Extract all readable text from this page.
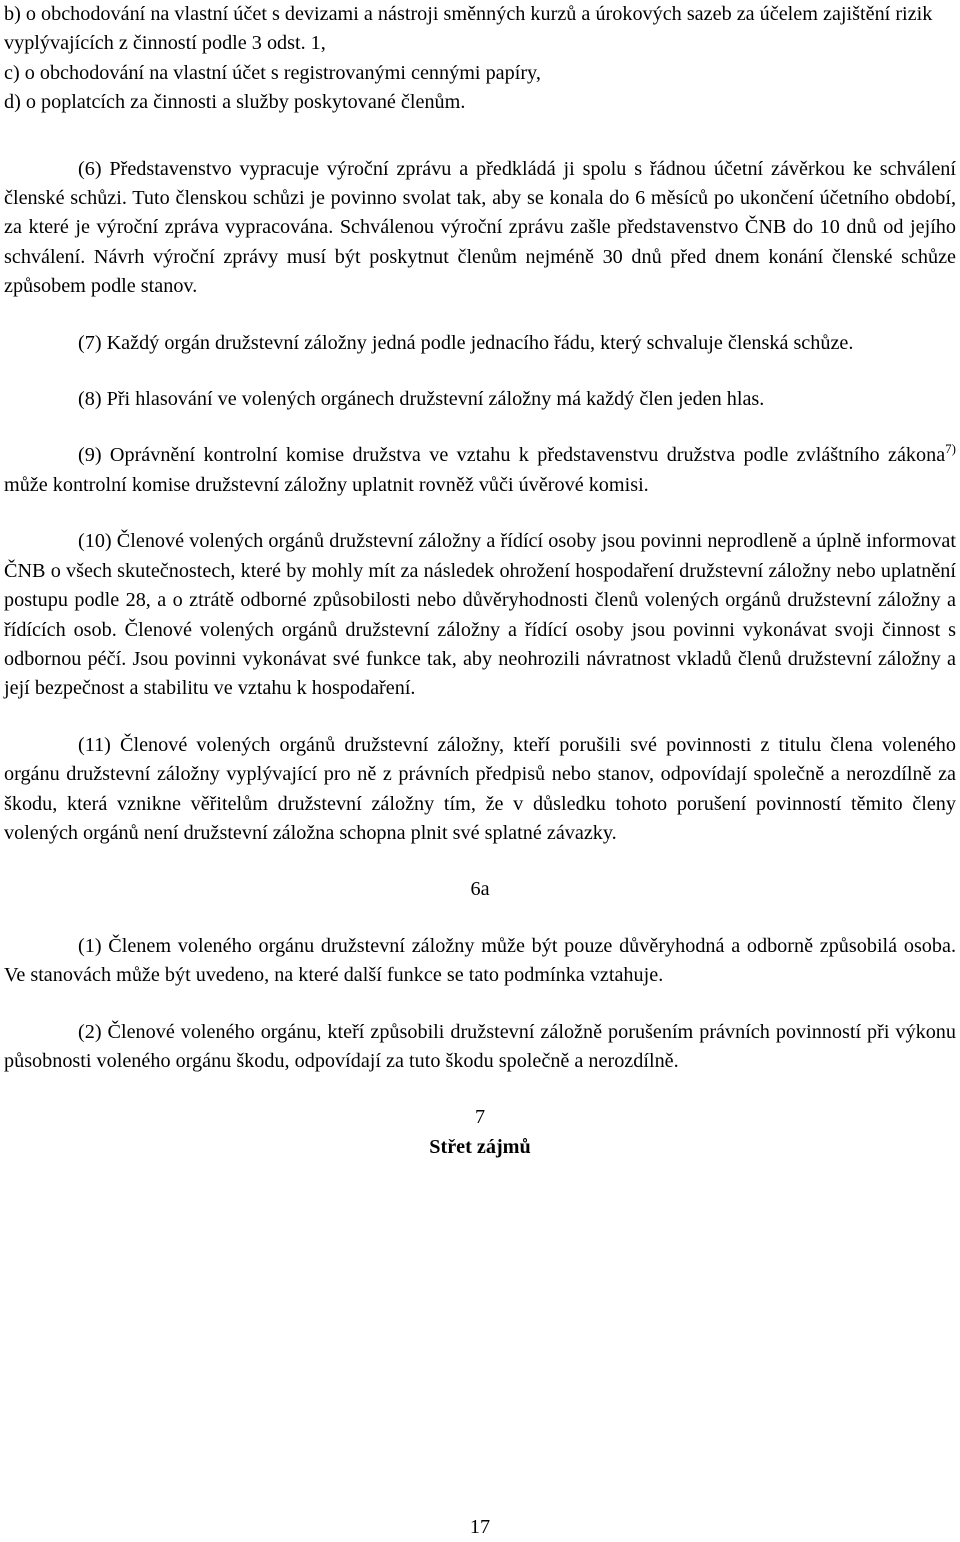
b) o obchodování na vlastní účet s devizami a nástroji směnných kurzů a úrokových sazeb za účelem zajištění rizik vyplývajících z činností podle 3 odst. 1,

c) o obchodování na vlastní účet s registrovanými cennými papíry,

d) o poplatcích za činnosti a služby poskytované členům.

(6) Představenstvo vypracuje výroční zprávu a předkládá ji spolu s řádnou účetní závěrkou ke schválení členské schůzi. Tuto členskou schůzi je povinno svolat tak, aby se konala do 6 měsíců po ukončení účetního období, za které je výroční zpráva vypracována. Schválenou výroční zprávu zašle představenstvo ČNB do 10 dnů od jejího schválení. Návrh výroční zprávy musí být poskytnut členům nejméně 30 dnů před dnem konání členské schůze způsobem podle stanov.

(7) Každý orgán družstevní záložny jedná podle jednacího řádu, který schvaluje členská schůze.

(8) Při hlasování ve volených orgánech družstevní záložny má každý člen jeden hlas.

(9) Oprávnění kontrolní komise družstva ve vztahu k představenstvu družstva podle zvláštního zákona$^{7)}$ může kontrolní komise družstevní záložny uplatnit rovněž vůči úvěrové komisi.

(10) Členové volených orgánů družstevní záložny a řídící osoby jsou povinni neprodleně a úplně informovat ČNB o všech skutečnostech, které by mohly mít za následek ohrožení hospodaření družstevní záložny nebo uplatnění postupu podle 28, a o ztrátě odborné způsobilosti nebo důvěryhodnosti členů volených orgánů družstevní záložny a řídících osob. Členové volených orgánů družstevní záložny a řídící osoby jsou povinni vykonávat svoji činnost s odbornou péčí. Jsou povinni vykonávat své funkce tak, aby neohrozili návratnost vkladů členů družstevní záložny a její bezpečnost a stabilitu ve vztahu k hospodaření.

(11) Členové volených orgánů družstevní záložny, kteří porušili své povinnosti z titulu člena voleného orgánu družstevní záložny vyplývající pro ně z právních předpisů nebo stanov, odpovídají společně a nerozdílně za škodu, která vznikne věřitelům družstevní záložny tím, že v důsledku tohoto porušení povinností těmito členy volených orgánů není družstevní záložna schopna plnit své splatné závazky.

6a

(1) Členem voleného orgánu družstevní záložny může být pouze důvěryhodná a odborně způsobilá osoba. Ve stanovách může být uvedeno, na které další funkce se tato podmínka vztahuje.

(2) Členové voleného orgánu, kteří způsobili družstevní záložně porušením právních povinností při výkonu působnosti voleného orgánu škodu, odpovídají za tuto škodu společně a nerozdílně.

7

Střet zájmů

17
